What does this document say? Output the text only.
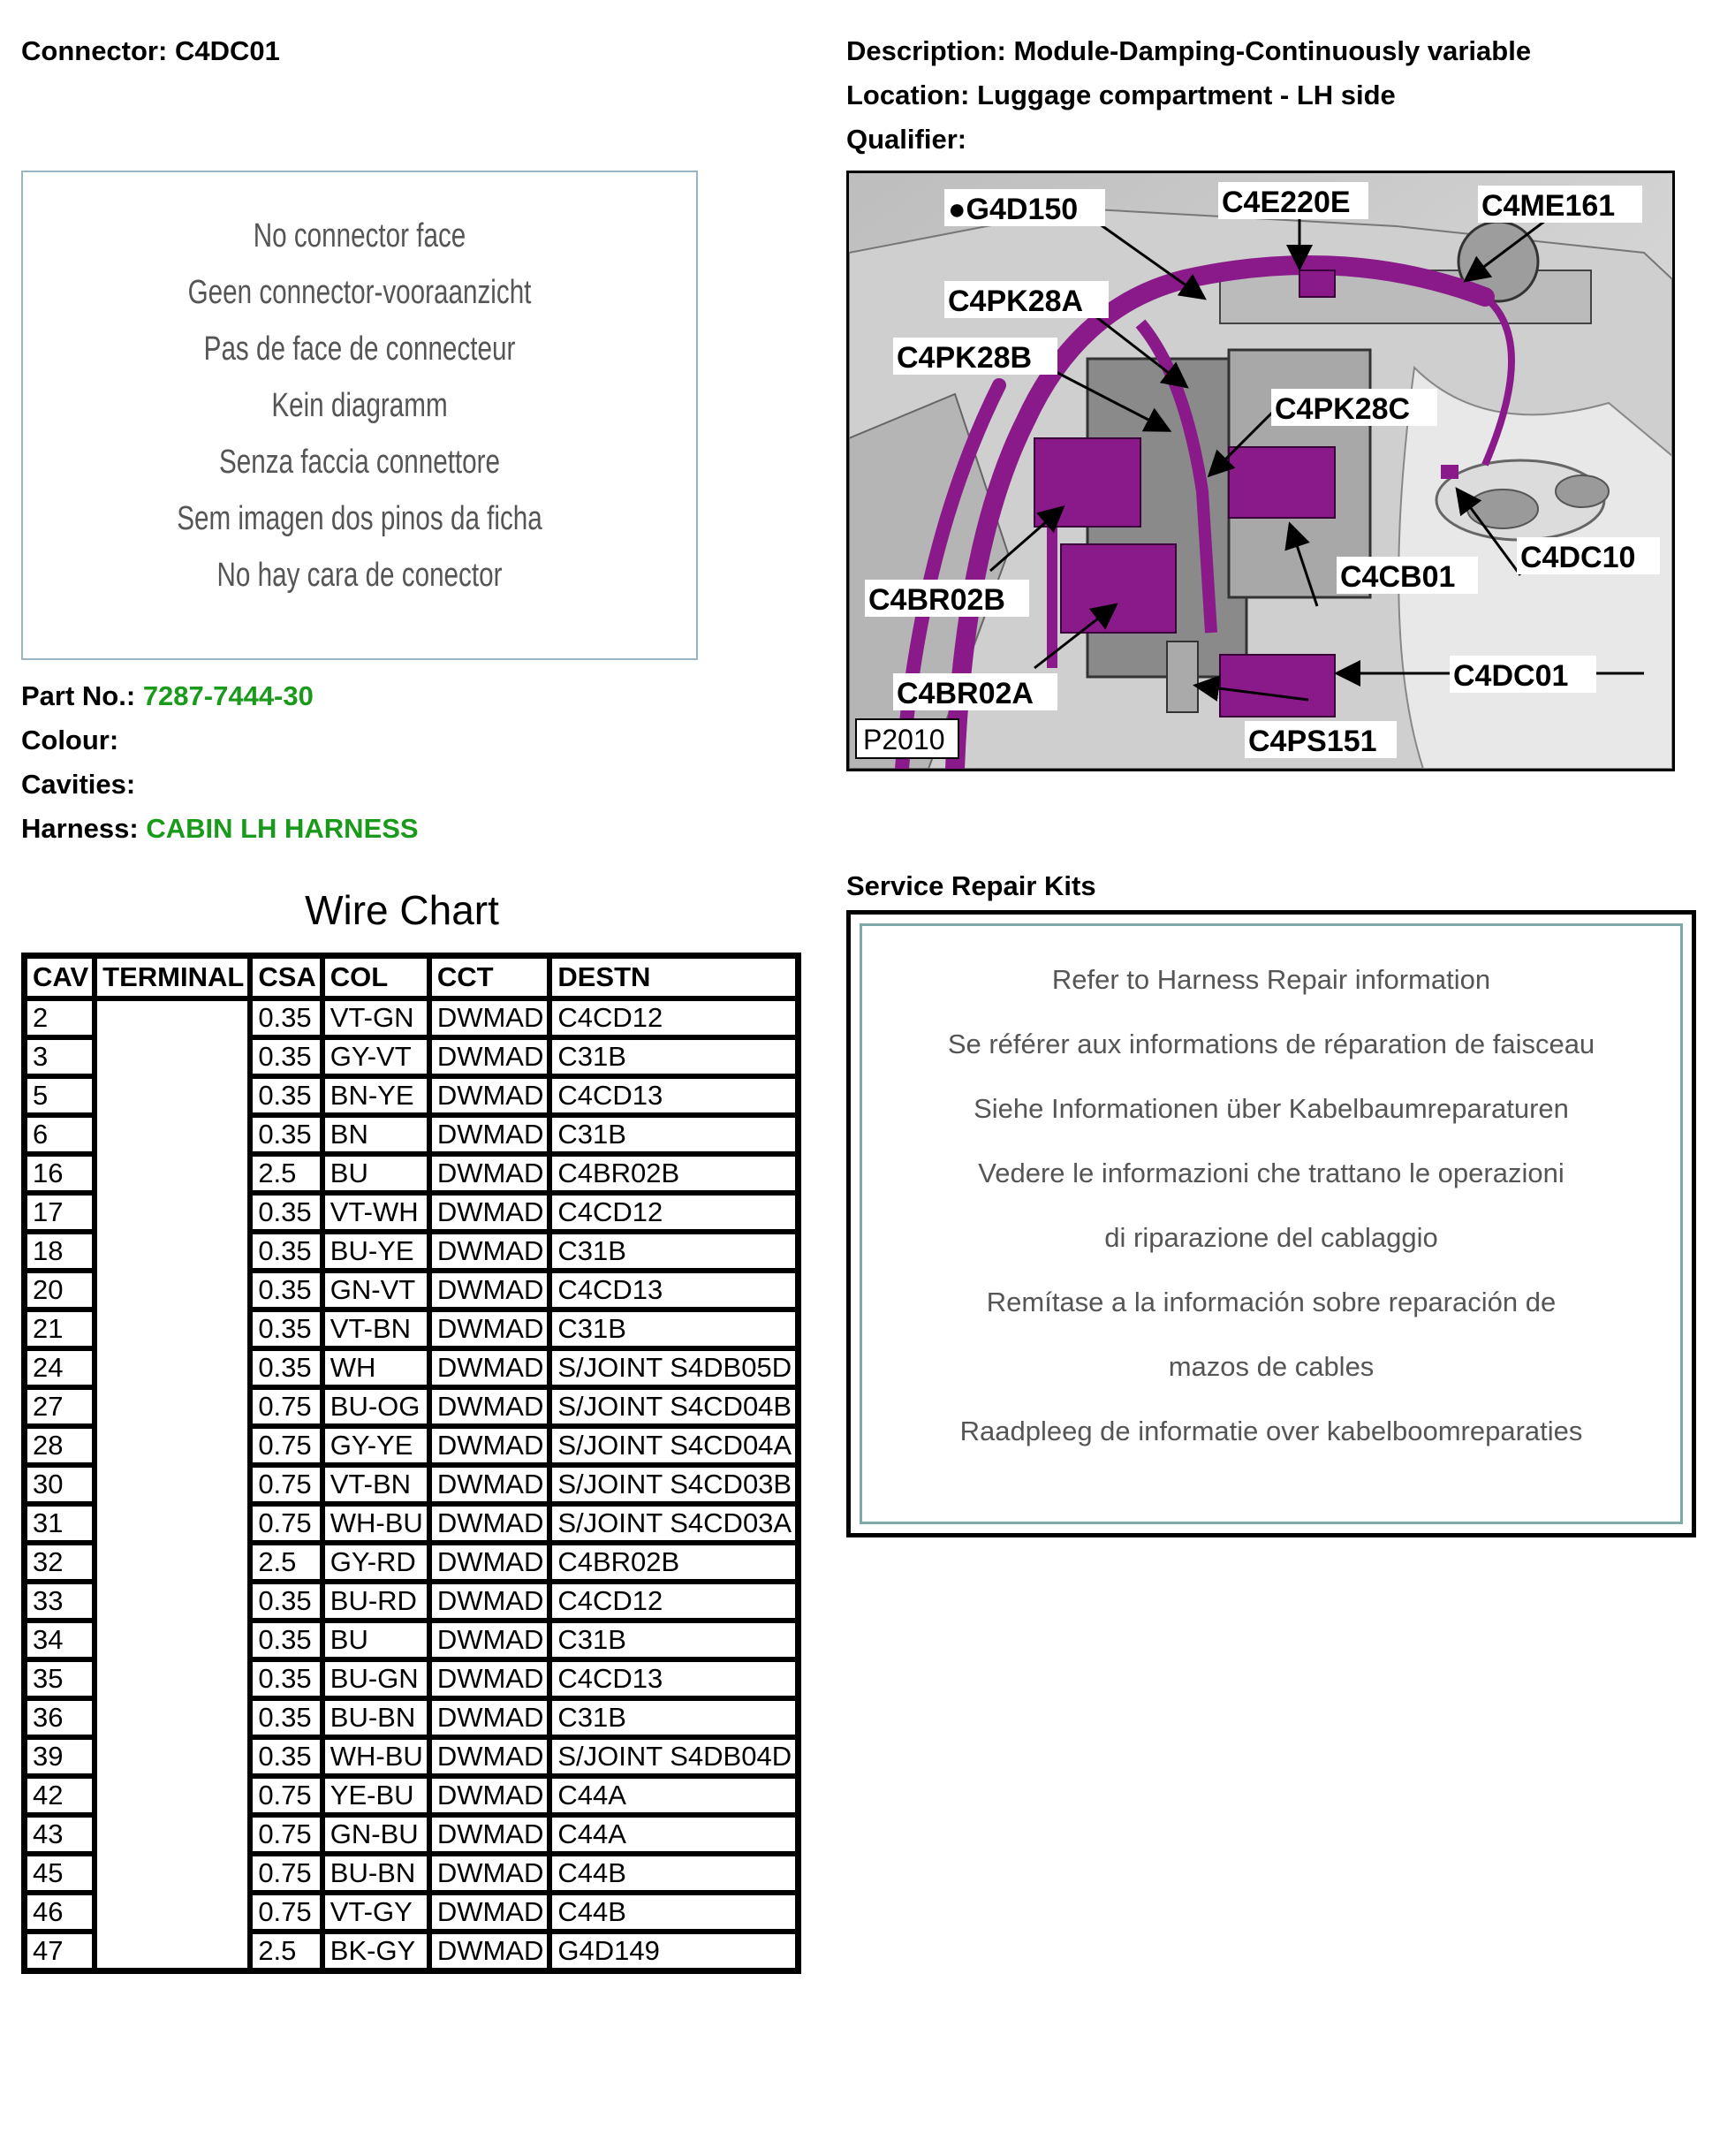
Connector: C4DC01	Description: Module-Damping-Continuously variable
Location: Luggage compartment - LH side
Qualifier:
No connector face
Geen connector-vooraanzicht
Pas de face de connecteur
Kein diagramm
Senza faccia connettore
Sem imagen dos pinos da ficha
No hay cara de conector
Part No.: 7287-7444-30
Colour:
Cavities:
Harness: CABIN LH HARNESS
●G4D150	C4E220E	C4ME161
C4PK28A
C4PK28B
C4PK28C
C4DC10
C4CB01
C4BR02B
C4DC01
C4BR02A
C4PS151
P2010
Wire Chart
CAV	TERMINAL	CSA	COL	CCT	DESTN
2		0.35	VT-GN	DWMAD	C4CD12
3		0.35	GY-VT	DWMAD	C31B
5		0.35	BN-YE	DWMAD	C4CD13
6		0.35	BN	DWMAD	C31B
16		2.5	BU	DWMAD	C4BR02B
17		0.35	VT-WH	DWMAD	C4CD12
18		0.35	BU-YE	DWMAD	C31B
20		0.35	GN-VT	DWMAD	C4CD13
21		0.35	VT-BN	DWMAD	C31B
24		0.35	WH	DWMAD	S/JOINT S4DB05D
27		0.75	BU-OG	DWMAD	S/JOINT S4CD04B
28		0.75	GY-YE	DWMAD	S/JOINT S4CD04A
30		0.75	VT-BN	DWMAD	S/JOINT S4CD03B
31		0.75	WH-BU	DWMAD	S/JOINT S4CD03A
32		2.5	GY-RD	DWMAD	C4BR02B
33		0.35	BU-RD	DWMAD	C4CD12
34		0.35	BU	DWMAD	C31B
35		0.35	BU-GN	DWMAD	C4CD13
36		0.35	BU-BN	DWMAD	C31B
39		0.35	WH-BU	DWMAD	S/JOINT S4DB04D
42		0.75	YE-BU	DWMAD	C44A
43		0.75	GN-BU	DWMAD	C44A
45		0.75	BU-BN	DWMAD	C44B
46		0.75	VT-GY	DWMAD	C44B
47		2.5	BK-GY	DWMAD	G4D149
Service Repair Kits
Refer to Harness Repair information
Se référer aux informations de réparation de faisceau
Siehe Informationen über Kabelbaumreparaturen
Vedere le informazioni che trattano le operazioni
di riparazione del cablaggio
Remítase a la información sobre reparación de
mazos de cables
Raadpleeg de informatie over kabelboomreparaties
